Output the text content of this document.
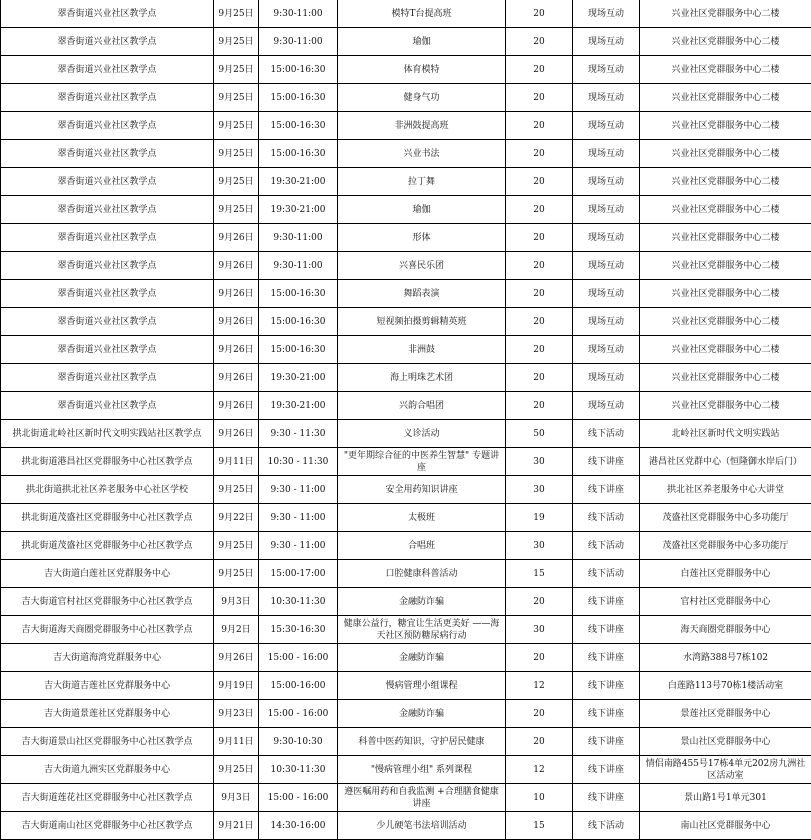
翠香街道兴业社区教学点	9月25日	9:30-11:00	模特T台提高班	20	现场互动	兴业社区党群服务中心二楼
翠香街道兴业社区教学点	9月25日	9:30-11:00	瑜伽	20	现场互动	兴业社区党群服务中心二楼
翠香街道兴业社区教学点	9月25日	15:00-16:30	体育模特	20	现场互动	兴业社区党群服务中心二楼
翠香街道兴业社区教学点	9月25日	15:00-16:30	健身气功	20	现场互动	兴业社区党群服务中心二楼
翠香街道兴业社区教学点	9月25日	15:00-16:30	非洲鼓提高班	20	现场互动	兴业社区党群服务中心二楼
翠香街道兴业社区教学点	9月25日	15:00-16:30	兴业书法	20	现场互动	兴业社区党群服务中心二楼
翠香街道兴业社区教学点	9月25日	19:30-21:00	拉丁舞	20	现场互动	兴业社区党群服务中心二楼
翠香街道兴业社区教学点	9月25日	19:30-21:00	瑜伽	20	现场互动	兴业社区党群服务中心二楼
翠香街道兴业社区教学点	9月26日	9:30-11:00	形体	20	现场互动	兴业社区党群服务中心二楼
翠香街道兴业社区教学点	9月26日	9:30-11:00	兴喜民乐团	20	现场互动	兴业社区党群服务中心二楼
翠香街道兴业社区教学点	9月26日	15:00-16:30	舞蹈表演	20	现场互动	兴业社区党群服务中心二楼
翠香街道兴业社区教学点	9月26日	15:00-16:30	短视频拍摄剪辑精英班	20	现场互动	兴业社区党群服务中心二楼
翠香街道兴业社区教学点	9月26日	15:00-16:30	非洲鼓	20	现场互动	兴业社区党群服务中心二楼
翠香街道兴业社区教学点	9月26日	19:30-21:00	海上明珠艺术团	20	现场互动	兴业社区党群服务中心二楼
翠香街道兴业社区教学点	9月26日	19:30-21:00	兴韵合唱团	20	现场互动	兴业社区党群服务中心二楼
拱北街道北岭社区新时代文明实践站社区教学点	9月26日	9:30 - 11:30	义诊活动	50	线下活动	北岭社区新时代文明实践站
拱北街道港昌社区党群服务中心社区教学点	9月11日	10:30 - 11:30	"更年期综合征的中医养生智慧" 专题讲座	30	线下讲座	港昌社区党群中心（恒隆御水岸后门）
拱北街道拱北社区养老服务中心社区学校	9月25日	9:30 - 11:00	安全用药知识讲座	30	线下讲座	拱北社区养老服务中心大讲堂
拱北街道茂盛社区党群服务中心社区教学点	9月22日	9:30 - 11:00	太极班	19	线下活动	茂盛社区党群服务中心多功能厅
拱北街道茂盛社区党群服务中心社区教学点	9月25日	9:30 - 11:00	合唱班	30	线下活动	茂盛社区党群服务中心多功能厅
吉大街道白莲社区党群服务中心	9月25日	15:00-17:00	口腔健康科普活动	15	线下活动	白莲社区党群服务中心
吉大街道官村社区党群服务中心社区教学点	9月3日	10:30-11:30	金融防诈骗	20	线下讲座	官村社区党群服务中心
吉大街道海天商圈党群服务中心社区教学点	9月2日	15:30-16:30	健康公益行，糖宜让生活更美好 ——海天社区预防糖尿病行动	30	线下讲座	海天商圈党群服务中心
吉大街道海湾党群服务中心	9月26日	15:00 - 16:00	金融防诈骗	20	线下讲座	水湾路388号7栋102
吉大街道吉莲社区党群服务中心	9月19日	15:00-16:00	慢病管理小组课程	12	线下讲座	白莲路113号70栋1楼活动室
吉大街道景莲社区党群服务中心	9月23日	15:00 - 16:00	金融防诈骗	20	线下讲座	景莲社区党群服务中心
吉大街道景山社区党群服务中心社区教学点	9月11日	9:30-10:30	科普中医药知识，守护居民健康	20	线下讲座	景山社区党群服务中心
吉大街道九洲实区党群服务中心	9月25日	10:30-11:30	"慢病管理小组" 系列课程	12	线下讲座	情侣南路455号17栋4单元202房九洲社区活动室
吉大街道莲花社区党群服务中心社区教学点	9月3日	15:00 - 16:00	遵医嘱用药和自我监测 +合理膳食健康讲座	10	线下讲座	景山路1号1单元301
吉大街道南山社区党群服务中心社区教学点	9月21日	14:30-16:00	少儿硬笔书法培训活动	15	线下活动	南山社区党群服务中心
